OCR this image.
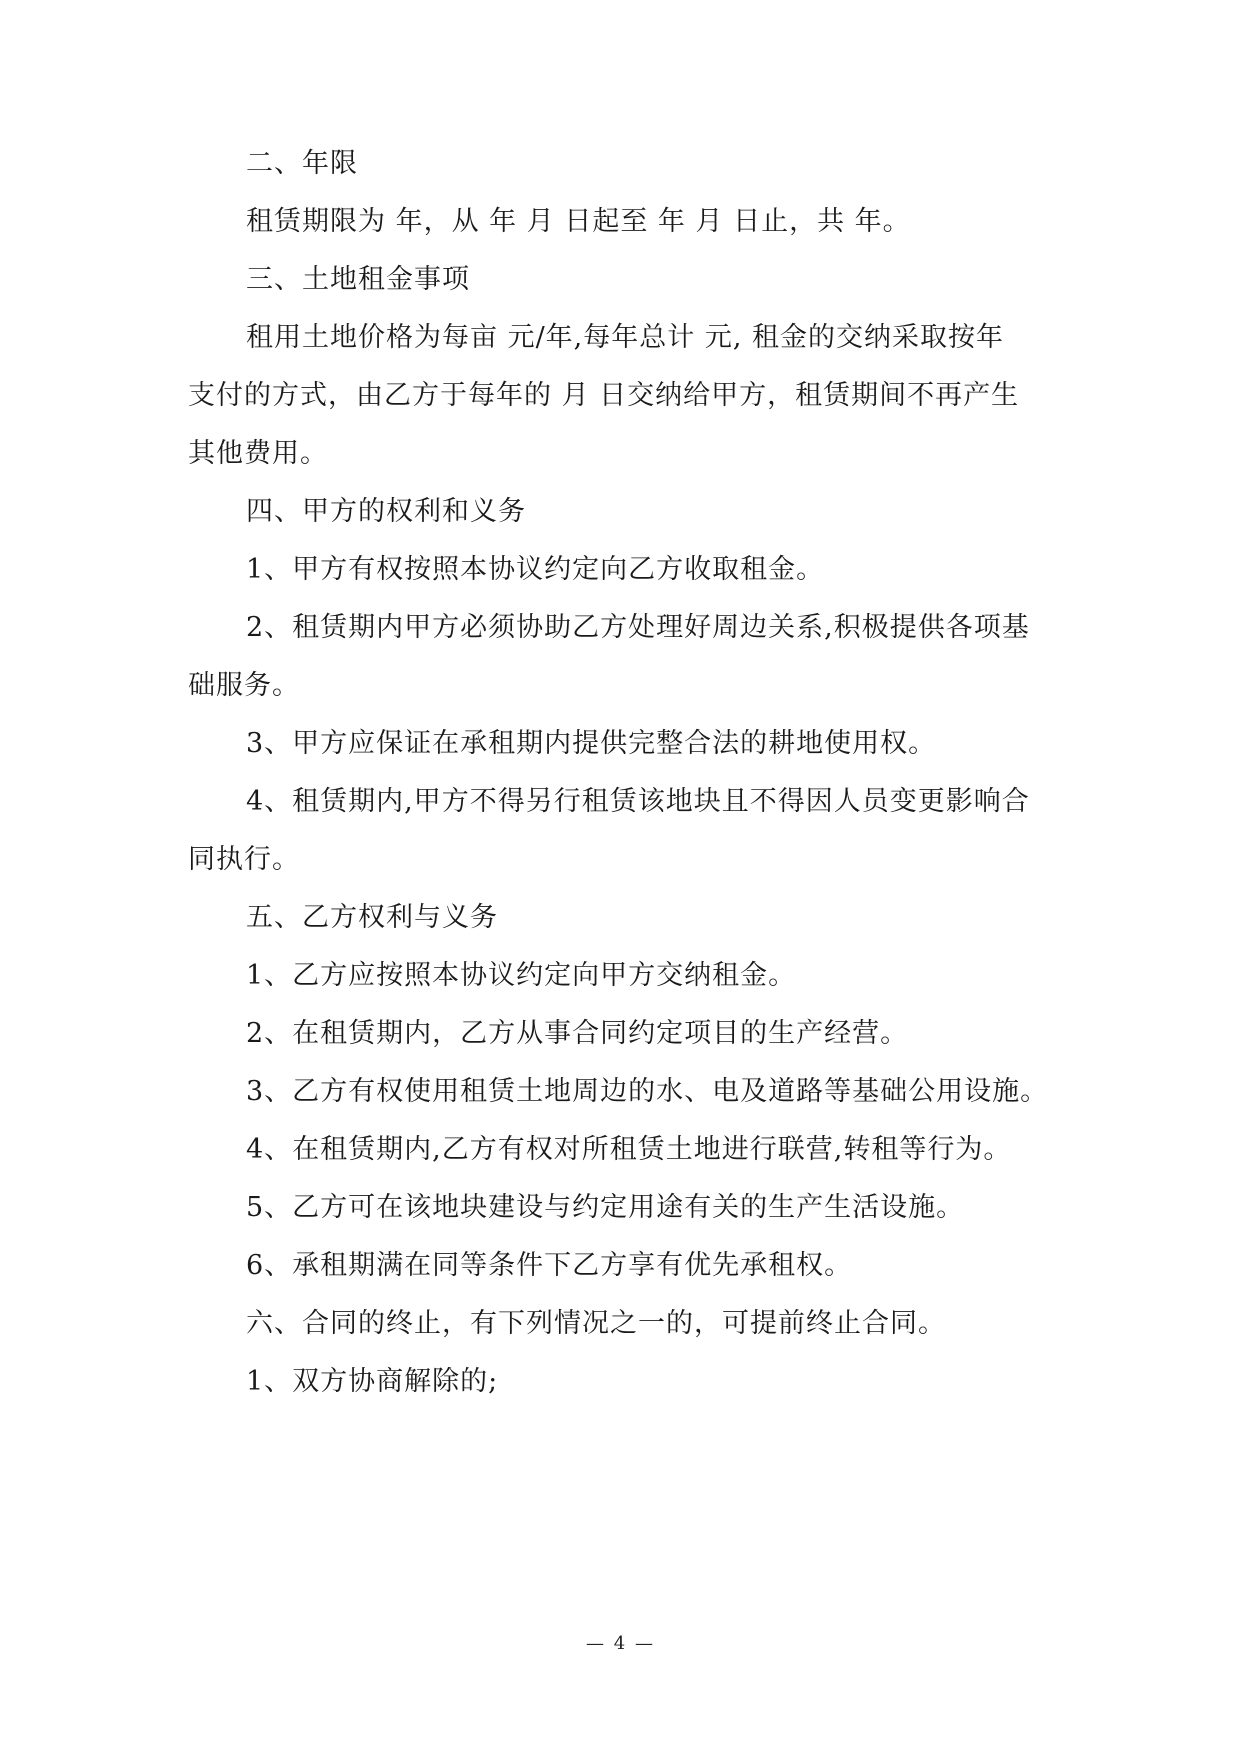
二、年限
租赁期限为 年，从 年 月 日起至 年 月 日止，共 年。
三、土地租金事项
租用土地价格为每亩 元/年,每年总计 元, 租金的交纳采取按年
支付的方式，由乙方于每年的 月 日交纳给甲方，租赁期间不再产生
其他费用。
四、甲方的权利和义务
1、甲方有权按照本协议约定向乙方收取租金。
2、租赁期内甲方必须协助乙方处理好周边关系,积极提供各项基
础服务。
3、甲方应保证在承租期内提供完整合法的耕地使用权。
4、租赁期内,甲方不得另行租赁该地块且不得因人员变更影响合
同执行。
五、乙方权利与义务
1、乙方应按照本协议约定向甲方交纳租金。
2、在租赁期内，乙方从事合同约定项目的生产经营。
3、乙方有权使用租赁土地周边的水、电及道路等基础公用设施。
4、在租赁期内,乙方有权对所租赁土地进行联营,转租等行为。
5、乙方可在该地块建设与约定用途有关的生产生活设施。
6、承租期满在同等条件下乙方享有优先承租权。
六、合同的终止，有下列情况之一的，可提前终止合同。
1、双方协商解除的;
— 4 —
